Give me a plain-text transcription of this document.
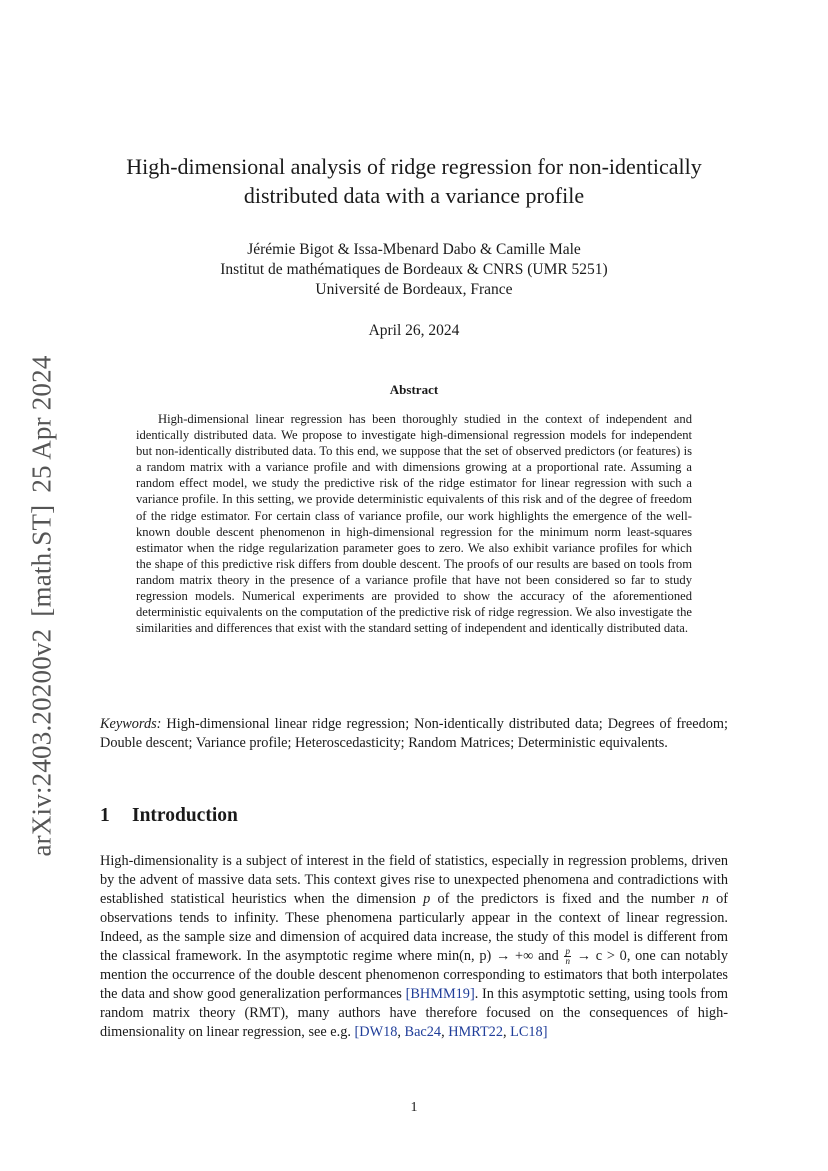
arXiv:2403.20200v2[math.ST]25 Apr 2024
High-dimensional analysis of ridge regression for non-identically
distributed data with a variance profile
Jérémie Bigot & Issa-Mbenard Dabo & Camille Male
Institut de mathématiques de Bordeaux & CNRS (UMR 5251)
Université de Bordeaux, France
April 26, 2024
Abstract

High-dimensional linear regression has been thoroughly studied in the context of independent and identically distributed data. We propose to investigate high-dimensional regression models for independent but non-identically distributed data. To this end, we suppose that the set of observed predictors (or features) is a random matrix with a variance profile and with dimensions growing at a proportional rate. Assuming a random effect model, we study the predictive risk of the ridge estimator for linear regression with such a variance profile. In this setting, we provide deterministic equivalents of this risk and of the degree of freedom of the ridge estimator. For certain class of variance profile, our work highlights the emergence of the well-known double descent phenomenon in high-dimensional regression for the minimum norm least-squares estimator when the ridge regularization parameter goes to zero. We also exhibit variance profiles for which the shape of this predictive risk differs from double descent. The proofs of our results are based on tools from random matrix theory in the presence of a variance profile that have not been considered so far to study regression models. Numerical experiments are provided to show the accuracy of the aforementioned deterministic equivalents on the computation of the predictive risk of ridge regression. We also investigate the similarities and differences that exist with the standard setting of independent and identically distributed data.

Keywords: High-dimensional linear ridge regression; Non-identically distributed data; Degrees of freedom; Double descent; Variance profile; Heteroscedasticity; Random Matrices; Deterministic equivalents.

1 Introduction

High-dimensionality is a subject of interest in the field of statistics, especially in regression problems, driven by the advent of massive data sets. This context gives rise to unexpected phenomena and contradictions with established statistical heuristics when the dimension p of the predictors is fixed and the number n of observations tends to infinity. These phenomena particularly appear in the context of linear regression. Indeed, as the sample size and dimension of acquired data increase, the study of this model is different from the classical framework. In the asymptotic regime where min(n, p) → +∞ and $\frac{p}{n} \to c > 0$, one can notably mention the occurrence of the double descent phenomenon corresponding to estimators that both interpolates the data and show good generalization performances [BHMM19]. In this asymptotic setting, using tools from random matrix theory (RMT), many authors have therefore focused on the consequences of high-dimensionality on linear regression, see e.g. [DW18, Bac24, HMRT22, LC18]

1
